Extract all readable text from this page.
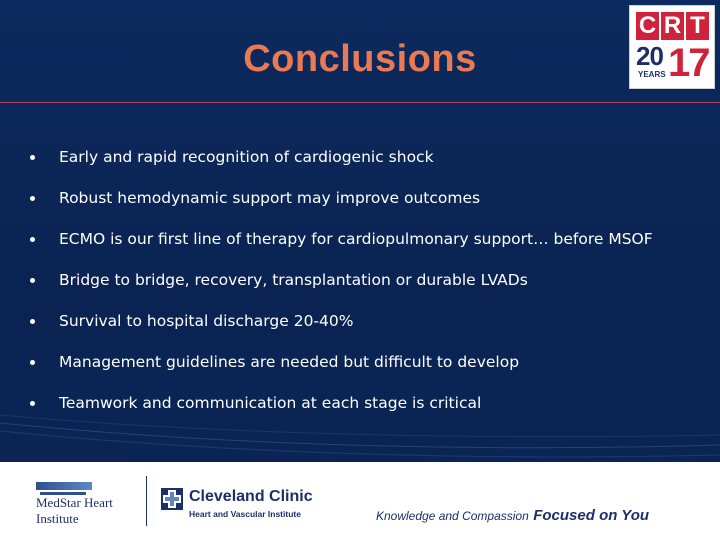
Conclusions
C R T
20
YEARS 17
Early and rapid recognition of cardiogenic shock
Robust hemodynamic support may improve outcomes
ECMO is our first line of therapy for cardiopulmonary support… before MSOF
Bridge to bridge, recovery, transplantation or durable LVADs
Survival to hospital discharge 20-40%
Management guidelines are needed but difficult to develop
Teamwork and communication at each stage is critical
MedStar Heart
Institute
Cleveland Clinic
Heart and Vascular Institute	Knowledge and Compassion Focused on You
